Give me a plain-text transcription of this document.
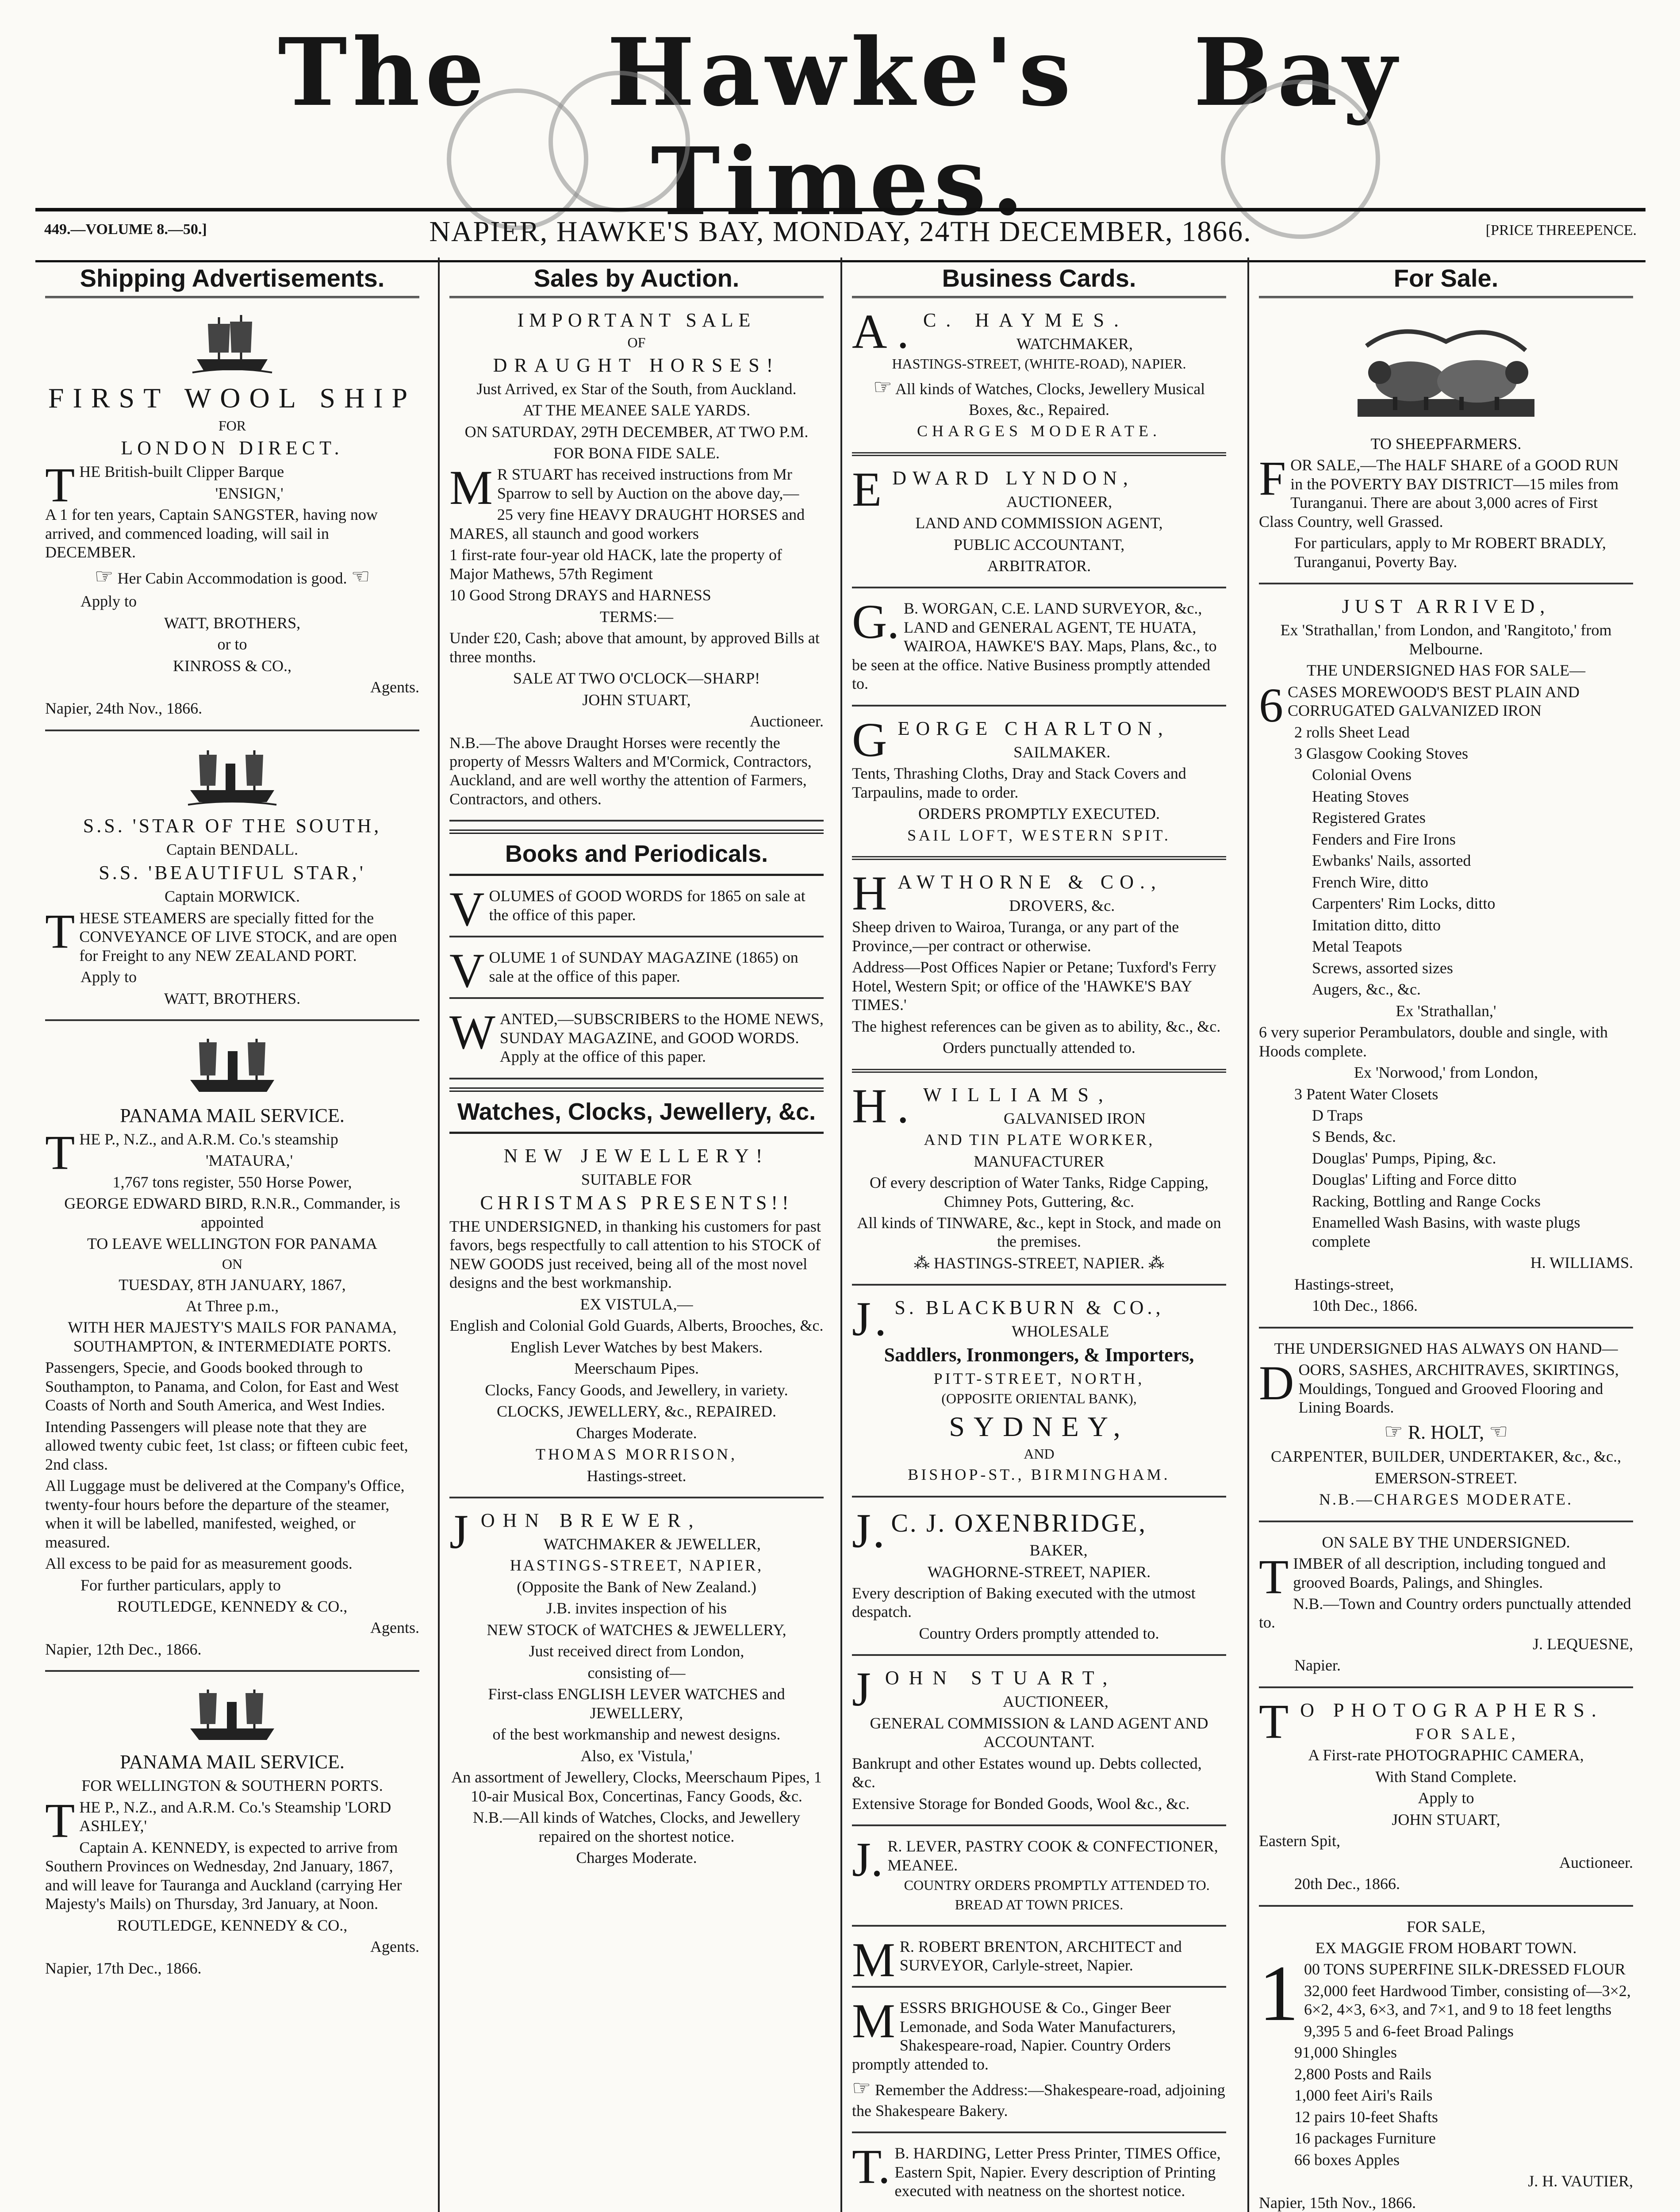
The Hawke's Bay Times.
449.—VOLUME 8.—50.]	NAPIER, HAWKE'S BAY, MONDAY, 24TH DECEMBER, 1866.	[PRICE THREEPENCE.
Shipping Advertisements.

FIRST WOOL SHIP

FOR

LONDON DIRECT.

THE British-built Clipper Barque

'ENSIGN,'

A 1 for ten years, Captain SANGSTER, having now arrived, and commenced loading, will sail in DECEMBER.

☞ Her Cabin Accommodation is good. ☜

Apply to

WATT, BROTHERS,

or to

KINROSS & CO.,

Agents.

Napier, 24th Nov., 1866.

S.S. 'STAR OF THE SOUTH,

Captain BENDALL.

S.S. 'BEAUTIFUL STAR,'

Captain MORWICK.

THESE STEAMERS are specially fitted for the CONVEYANCE OF LIVE STOCK, and are open for Freight to any NEW ZEALAND PORT.

Apply to

WATT, BROTHERS.

PANAMA MAIL SERVICE.

THE P., N.Z., and A.R.M. Co.'s steamship

'MATAURA,'

1,767 tons register, 550 Horse Power,

GEORGE EDWARD BIRD, R.N.R., Commander, is appointed

TO LEAVE WELLINGTON FOR PANAMA

ON

TUESDAY, 8TH JANUARY, 1867,

At Three p.m.,

WITH HER MAJESTY'S MAILS FOR PANAMA, SOUTHAMPTON, & INTERMEDIATE PORTS.

Passengers, Specie, and Goods booked through to Southampton, to Panama, and Colon, for East and West Coasts of North and South America, and West Indies.

Intending Passengers will please note that they are allowed twenty cubic feet, 1st class; or fifteen cubic feet, 2nd class.

All Luggage must be delivered at the Company's Office, twenty-four hours before the departure of the steamer, when it will be labelled, manifested, weighed, or measured.

All excess to be paid for as measurement goods.

For further particulars, apply to

ROUTLEDGE, KENNEDY & CO.,

Agents.

Napier, 12th Dec., 1866.

PANAMA MAIL SERVICE.

FOR WELLINGTON & SOUTHERN PORTS.

THE P., N.Z., and A.R.M. Co.'s Steamship 'LORD ASHLEY,'

Captain A. KENNEDY, is expected to arrive from Southern Provinces on Wednesday, 2nd January, 1867, and will leave for Tauranga and Auckland (carrying Her Majesty's Mails) on Thursday, 3rd January, at Noon.

ROUTLEDGE, KENNEDY & CO.,

Agents.

Napier, 17th Dec., 1866.

Sales by Auction.

IMPORTANT SALE

OF

DRAUGHT HORSES!

Just Arrived, ex Star of the South, from Auckland.

AT THE MEANEE SALE YARDS.

ON SATURDAY, 29TH DECEMBER, AT TWO P.M.

FOR BONA FIDE SALE.

MR STUART has received instructions from Mr Sparrow to sell by Auction on the above day,—

25 very fine HEAVY DRAUGHT HORSES and MARES, all staunch and good workers

1 first-rate four-year old HACK, late the property of Major Mathews, 57th Regiment

10 Good Strong DRAYS and HARNESS

TERMS:—

Under £20, Cash; above that amount, by approved Bills at three months.

SALE AT TWO O'CLOCK—SHARP!

JOHN STUART,

Auctioneer.

N.B.—The above Draught Horses were recently the property of Messrs Walters and M'Cormick, Contractors, Auckland, and are well worthy the attention of Farmers, Contractors, and others.

Books and Periodicals.

VOLUMES of GOOD WORDS for 1865 on sale at the office of this paper.

VOLUME 1 of SUNDAY MAGAZINE (1865) on sale at the office of this paper.

WANTED,—SUBSCRIBERS to the HOME NEWS, SUNDAY MAGAZINE, and GOOD WORDS. Apply at the office of this paper.

Watches, Clocks, Jewellery, &c.

NEW JEWELLERY!

SUITABLE FOR

CHRISTMAS PRESENTS!!

THE UNDERSIGNED, in thanking his customers for past favors, begs respectfully to call attention to his STOCK of NEW GOODS just received, being all of the most novel designs and the best workmanship.

EX VISTULA,—

English and Colonial Gold Guards, Alberts, Brooches, &c.

English Lever Watches by best Makers.

Meerschaum Pipes.

Clocks, Fancy Goods, and Jewellery, in variety.

CLOCKS, JEWELLERY, &c., REPAIRED.

Charges Moderate.

THOMAS MORRISON,

Hastings-street.

JOHN BREWER,

WATCHMAKER & JEWELLER,

HASTINGS-STREET, NAPIER,

(Opposite the Bank of New Zealand.)

J.B. invites inspection of his

NEW STOCK of WATCHES & JEWELLERY,

Just received direct from London,

consisting of—

First-class ENGLISH LEVER WATCHES and JEWELLERY,

of the best workmanship and newest designs.

Also, ex 'Vistula,'

An assortment of Jewellery, Clocks, Meerschaum Pipes, 1 10-air Musical Box, Concertinas, Fancy Goods, &c.

N.B.—All kinds of Watches, Clocks, and Jewellery repaired on the shortest notice.

Charges Moderate.

Business Cards.

A.C. HAYMES.

WATCHMAKER,

HASTINGS-STREET, (WHITE-ROAD), NAPIER.

☞ All kinds of Watches, Clocks, Jewellery Musical Boxes, &c., Repaired.

CHARGES MODERATE.

EDWARD LYNDON,

AUCTIONEER,

LAND AND COMMISSION AGENT,

PUBLIC ACCOUNTANT,

ARBITRATOR.

G.B. WORGAN, C.E. LAND SURVEYOR, &c., LAND and GENERAL AGENT, TE HUATA, WAIROA, HAWKE'S BAY. Maps, Plans, &c., to be seen at the office. Native Business promptly attended to.

GEORGE CHARLTON,

SAILMAKER.

Tents, Thrashing Cloths, Dray and Stack Covers and Tarpaulins, made to order.

ORDERS PROMPTLY EXECUTED.

SAIL LOFT, WESTERN SPIT.

HAWTHORNE & CO.,

DROVERS, &c.

Sheep driven to Wairoa, Turanga, or any part of the Province,—per contract or otherwise.

Address—Post Offices Napier or Petane; Tuxford's Ferry Hotel, Western Spit; or office of the 'HAWKE'S BAY TIMES.'

The highest references can be given as to ability, &c., &c.

Orders punctually attended to.

H.WILLIAMS,

GALVANISED IRON

AND TIN PLATE WORKER,

MANUFACTURER

Of every description of Water Tanks, Ridge Capping, Chimney Pots, Guttering, &c.

All kinds of TINWARE, &c., kept in Stock, and made on the premises.

⁂ HASTINGS-STREET, NAPIER. ⁂

J.S. BLACKBURN & CO.,

WHOLESALE

Saddlers, Ironmongers, & Importers,

PITT-STREET, NORTH,

(OPPOSITE ORIENTAL BANK),

SYDNEY,

AND

BISHOP-ST., BIRMINGHAM.

J.C. J. OXENBRIDGE,

BAKER,

WAGHORNE-STREET, NAPIER.

Every description of Baking executed with the utmost despatch.

Country Orders promptly attended to.

JOHN STUART,

AUCTIONEER,

GENERAL COMMISSION & LAND AGENT AND ACCOUNTANT.

Bankrupt and other Estates wound up. Debts collected, &c.

Extensive Storage for Bonded Goods, Wool &c., &c.

J.R. LEVER, PASTRY COOK & CONFECTIONER, MEANEE.

COUNTRY ORDERS PROMPTLY ATTENDED TO.

BREAD AT TOWN PRICES.

MR. ROBERT BRENTON, ARCHITECT and SURVEYOR, Carlyle-street, Napier.

MESSRS BRIGHOUSE & Co., Ginger Beer Lemonade, and Soda Water Manufacturers, Shakespeare-road, Napier. Country Orders promptly attended to.

☞ Remember the Address:—Shakespeare-road, adjoining the Shakespeare Bakery.

T.B. HARDING, Letter Press Printer, TIMES Office, Eastern Spit, Napier. Every description of Printing executed with neatness on the shortest notice.

For Sale.

TO SHEEPFARMERS.

FOR SALE,—The HALF SHARE of a GOOD RUN in the POVERTY BAY DISTRICT—15 miles from Turanganui. There are about 3,000 acres of First Class Country, well Grassed.

For particulars, apply to Mr ROBERT BRADLY, Turanganui, Poverty Bay.

JUST ARRIVED,

Ex 'Strathallan,' from London, and 'Rangitoto,' from Melbourne.

THE UNDERSIGNED HAS FOR SALE—

6CASES MOREWOOD'S BEST PLAIN AND CORRUGATED GALVANIZED IRON

2 rolls Sheet Lead

3 Glasgow Cooking Stoves

Colonial Ovens

Heating Stoves

Registered Grates

Fenders and Fire Irons

Ewbanks' Nails, assorted

French Wire, ditto

Carpenters' Rim Locks, ditto

Imitation ditto, ditto

Metal Teapots

Screws, assorted sizes

Augers, &c., &c.

Ex 'Strathallan,'

6 very superior Perambulators, double and single, with Hoods complete.

Ex 'Norwood,' from London,

3 Patent Water Closets

D Traps

S Bends, &c.

Douglas' Pumps, Piping, &c.

Douglas' Lifting and Force ditto

Racking, Bottling and Range Cocks

Enamelled Wash Basins, with waste plugs complete

H. WILLIAMS.

Hastings-street,

10th Dec., 1866.

THE UNDERSIGNED HAS ALWAYS ON HAND—

DOORS, SASHES, ARCHITRAVES, SKIRTINGS, Mouldings, Tongued and Grooved Flooring and Lining Boards.

☞ R. HOLT, ☜

CARPENTER, BUILDER, UNDERTAKER, &c., &c.,

EMERSON-STREET.

N.B.—CHARGES MODERATE.

ON SALE BY THE UNDERSIGNED.

TIMBER of all description, including tongued and grooved Boards, Palings, and Shingles.

N.B.—Town and Country orders punctually attended to.

J. LEQUESNE,

Napier.

TO PHOTOGRAPHERS.

FOR SALE,

A First-rate PHOTOGRAPHIC CAMERA,

With Stand Complete.

Apply to

JOHN STUART,

Eastern Spit,

Auctioneer.

20th Dec., 1866.

FOR SALE,

EX MAGGIE FROM HOBART TOWN.

100 TONS SUPERFINE SILK-DRESSED FLOUR

32,000 feet Hardwood Timber, consisting of—3×2, 6×2, 4×3, 6×3, and 7×1, and 9 to 18 feet lengths

9,395 5 and 6-feet Broad Palings

91,000 Shingles

2,800 Posts and Rails

1,000 feet Airi's Rails

12 pairs 10-feet Shafts

16 packages Furniture

66 boxes Apples

J. H. VAUTIER,

Napier, 15th Nov., 1866.
